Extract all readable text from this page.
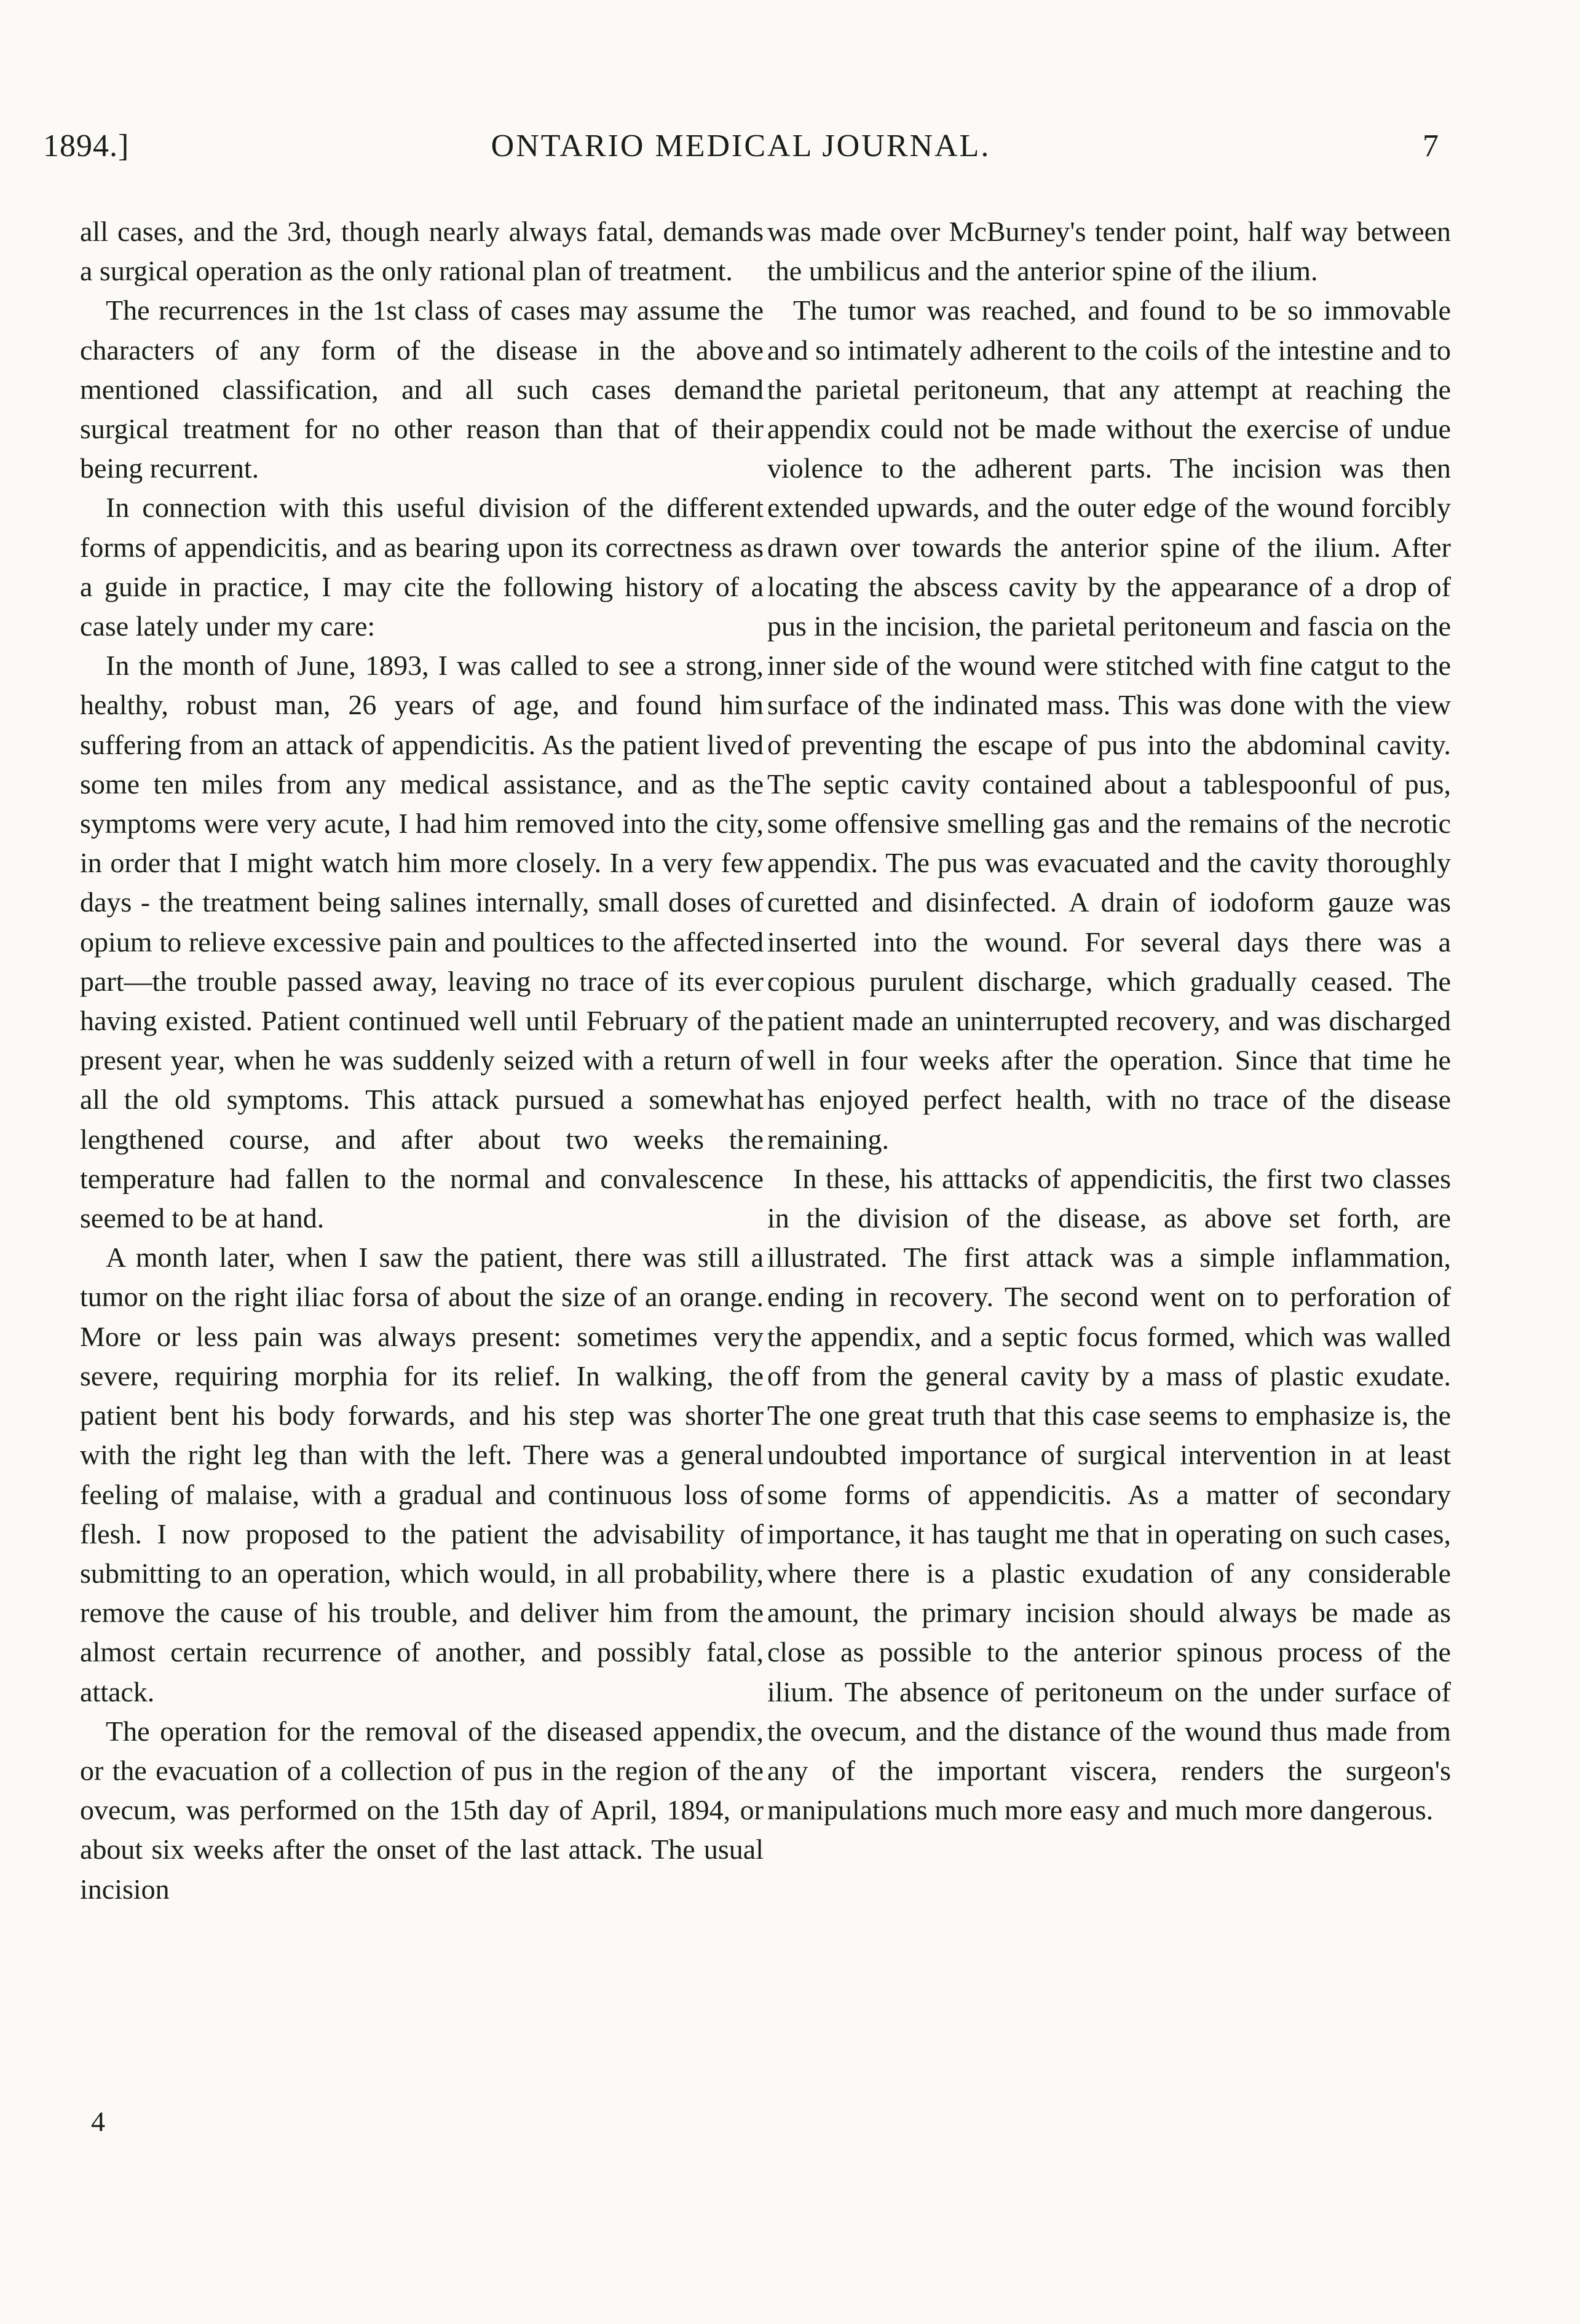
1894.]	ONTARIO MEDICAL JOURNAL.	7

all cases, and the 3rd, though nearly always fatal, demands a surgical operation as the only rational plan of treatment.

The recurrences in the 1st class of cases may assume the characters of any form of the disease in the above mentioned classification, and all such cases demand surgical treatment for no other reason than that of their being recurrent.

In connection with this useful division of the different forms of appendicitis, and as bearing upon its correctness as a guide in practice, I may cite the following history of a case lately under my care:

In the month of June, 1893, I was called to see a strong, healthy, robust man, 26 years of age, and found him suffering from an attack of appendicitis. As the patient lived some ten miles from any medical assistance, and as the symptoms were very acute, I had him removed into the city, in order that I might watch him more closely. In a very few days - the treatment being salines internally, small doses of opium to relieve excessive pain and poultices to the affected part—the trouble passed away, leaving no trace of its ever having existed. Patient continued well until February of the present year, when he was suddenly seized with a return of all the old symptoms. This attack pursued a somewhat lengthened course, and after about two weeks the temperature had fallen to the normal and convalescence seemed to be at hand.

A month later, when I saw the patient, there was still a tumor on the right iliac forsa of about the size of an orange. More or less pain was always present: sometimes very severe, requiring morphia for its relief. In walking, the patient bent his body forwards, and his step was shorter with the right leg than with the left. There was a general feeling of malaise, with a gradual and continuous loss of flesh. I now proposed to the patient the advisability of submitting to an operation, which would, in all probability, remove the cause of his trouble, and deliver him from the almost certain recurrence of another, and possibly fatal, attack.

The operation for the removal of the diseased appendix, or the evacuation of a collection of pus in the region of the ovecum, was performed on the 15th day of April, 1894, or about six weeks after the onset of the last attack. The usual incision

was made over McBurney's tender point, half way between the umbilicus and the anterior spine of the ilium.

The tumor was reached, and found to be so immovable and so intimately adherent to the coils of the intestine and to the parietal peritoneum, that any attempt at reaching the appendix could not be made without the exercise of undue violence to the adherent parts. The incision was then extended upwards, and the outer edge of the wound forcibly drawn over towards the anterior spine of the ilium. After locating the abscess cavity by the appearance of a drop of pus in the incision, the parietal peritoneum and fascia on the inner side of the wound were stitched with fine catgut to the surface of the indinated mass. This was done with the view of preventing the escape of pus into the abdominal cavity. The septic cavity contained about a tablespoonful of pus, some offensive smelling gas and the remains of the necrotic appendix. The pus was evacuated and the cavity thoroughly curetted and disinfected. A drain of iodoform gauze was inserted into the wound. For several days there was a copious purulent discharge, which gradually ceased. The patient made an uninterrupted recovery, and was discharged well in four weeks after the operation. Since that time he has enjoyed perfect health, with no trace of the disease remaining.

In these, his atttacks of appendicitis, the first two classes in the division of the disease, as above set forth, are illustrated. The first attack was a simple inflammation, ending in recovery. The second went on to perforation of the appendix, and a septic focus formed, which was walled off from the general cavity by a mass of plastic exudate. The one great truth that this case seems to emphasize is, the undoubted importance of surgical intervention in at least some forms of appendicitis. As a matter of secondary importance, it has taught me that in operating on such cases, where there is a plastic exudation of any considerable amount, the primary incision should always be made as close as possible to the anterior spinous process of the ilium. The absence of peritoneum on the under surface of the ovecum, and the distance of the wound thus made from any of the important viscera, renders the surgeon's manipulations much more easy and much more dangerous.

4
